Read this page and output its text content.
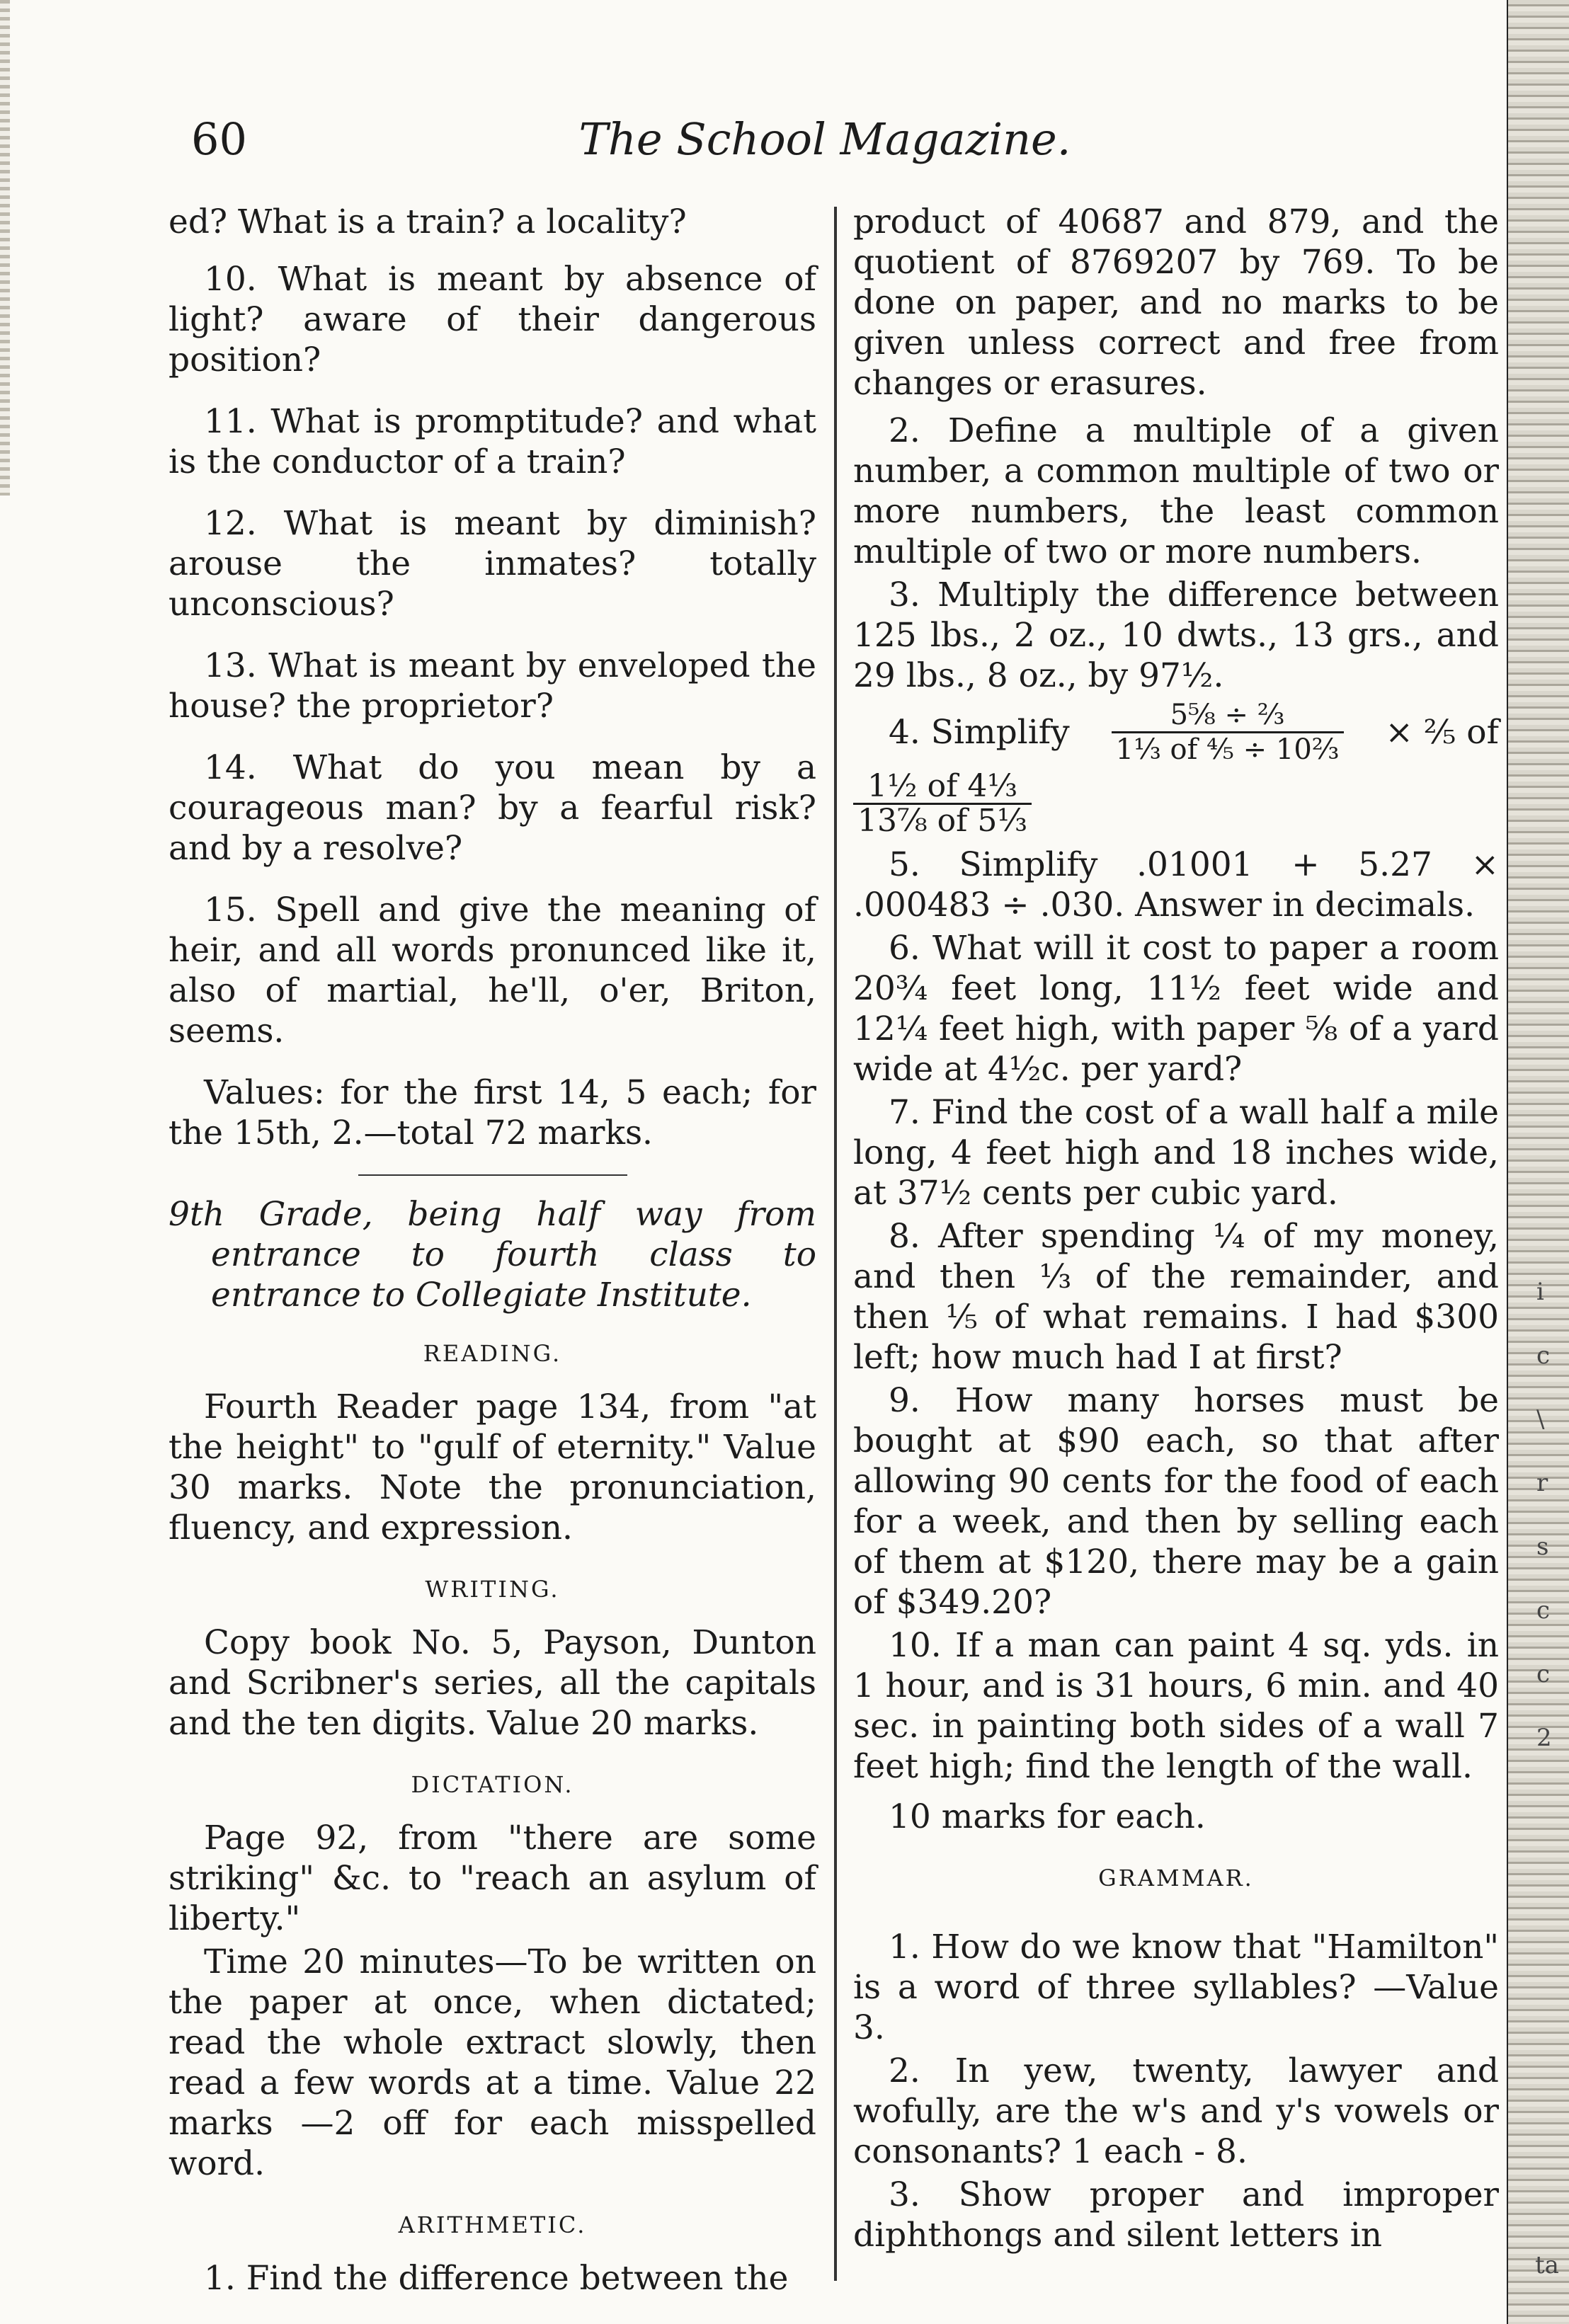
60	The School Magazine.

ed? What is a train? a locality?

10. What is meant by absence of light? aware of their dangerous position?

11. What is promptitude? and what is the conductor of a train?

12. What is meant by diminish? arouse the inmates? totally unconscious?

13. What is meant by enveloped the house? the proprietor?

14. What do you mean by a courageous man? by a fearful risk? and by a resolve?

15. Spell and give the meaning of heir, and all words pronunced like it, also of martial, he'll, o'er, Briton, seems.

Values: for the first 14, 5 each; for the 15th, 2.—total 72 marks.

9th Grade, being half way from entrance to fourth class to entrance to Collegiate Institute.

READING.

Fourth Reader page 134, from "at the height" to "gulf of eternity." Value 30 marks. Note the pronunciation, fluency, and expression.

WRITING.

Copy book No. 5, Payson, Dunton and Scribner's series, all the capitals and the ten digits. Value 20 marks.

DICTATION.

Page 92, from "there are some striking" &c. to "reach an asylum of liberty."

Time 20 minutes—To be written on the paper at once, when dictated; read the whole extract slowly, then read a few words at a time. Value 22 marks —2 off for each misspelled word.

ARITHMETIC.

1. Find the difference between the

product of 40687 and 879, and the quotient of 8769207 by 769. To be done on paper, and no marks to be given unless correct and free from changes or erasures.

2. Define a multiple of a given number, a common multiple of two or more numbers, the least common multiple of two or more numbers.

3. Multiply the difference between 125 lbs., 2 oz., 10 dwts., 13 grs., and 29 lbs., 8 oz., by 97½.

4. Simplify $\frac{\text{5⅝ ÷ ⅔}}{\text{1⅓ of ⅘ ÷ 10⅔}}$ × ⅖ of
$\frac{\text{1½ of 4⅓}}{\text{13⅞ of 5⅓}}$

5. Simplify .01001 + 5.27 × .000483 ÷ .030. Answer in decimals.

6. What will it cost to paper a room 20¾ feet long, 11½ feet wide and 12¼ feet high, with paper ⅝ of a yard wide at 4½c. per yard?

7. Find the cost of a wall half a mile long, 4 feet high and 18 inches wide, at 37½ cents per cubic yard.

8. After spending ¼ of my money, and then ⅓ of the remainder, and then ⅕ of what remains. I had $300 left; how much had I at first?

9. How many horses must be bought at $90 each, so that after allowing 90 cents for the food of each for a week, and then by selling each of them at $120, there may be a gain of $349.20?

10. If a man can paint 4 sq. yds. in 1 hour, and is 31 hours, 6 min. and 40 sec. in painting both sides of a wall 7 feet high; find the length of the wall.

10 marks for each.

GRAMMAR.

1. How do we know that "Hamilton" is a word of three syllables? —Value 3.

2. In yew, twenty, lawyer and wofully, are the w's and y's vowels or consonants? 1 each - 8.

3. Show proper and improper diphthongs and silent letters in

i
c
\
r
s
c
c
2
ta
